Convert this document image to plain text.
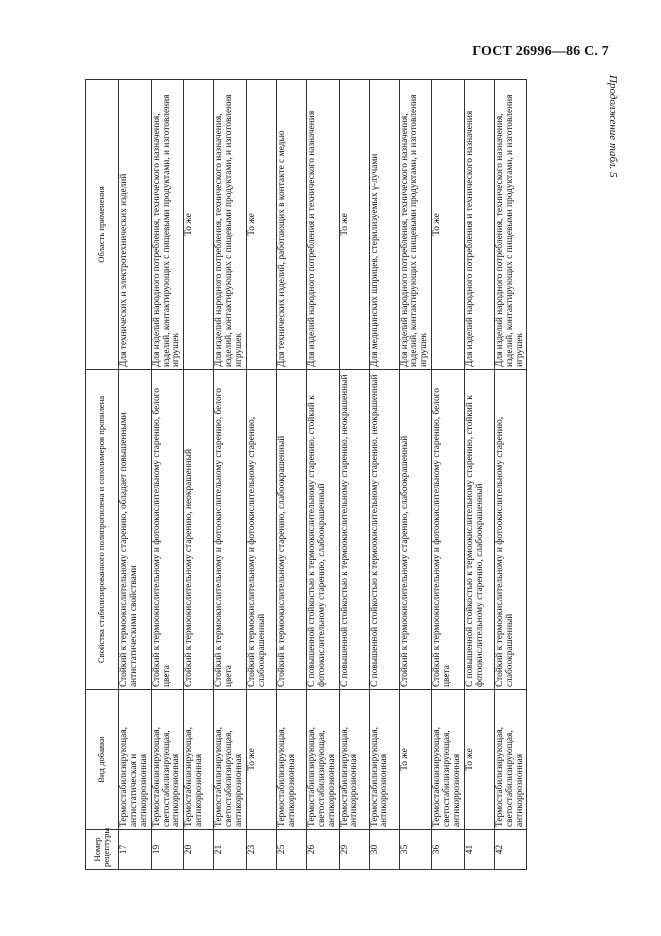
ГОСТ 26996—86 С. 7
Продолжение табл. 5
Номер рецептуры	Вид добавки	Свойства стабилизированного полипропилена и сополимеров пропилена	Область применения
17	Термостабилизирующая, антистатическая и антикоррозионная	Стойкий к термоокислительному старению, обладает повышенными антистатическими свойствами	Для технических и электротехнических изделий
19	Термостабилизирующая, светостабилизирующая, антикоррозионная	Стойкий к термоокислительному и фотоокислительному старению, белого цвета	Для изделий народного потребления, технического назначения, изделий, контактирующих с пищевыми продуктами, и изготовления игрушек
20	Термостабилизирующая, антикоррозионная	Стойкий к термоокислительному старению, неокрашенный	То же
21	Термостабилизирующая, светостабилизирующая, антикоррозионная	Стойкий к термоокислительному и фотоокислительному старению, белого цвета	Для изделий народного потребления, технического назначения, изделий, контактирующих с пищевыми продуктами, и изготовления игрушек
23	То же	Стойкий к термоокислительному и фотоокислительному старению, слабоокрашенный	То же
25	Термостабилизирующая, антикоррозионная	Стойкий к термоокислительному старению, слабоокрашенный	Для технических изделий, работающих в контакте с медью
26	Термостабилизирующая, светостабилизирующая, антикоррозионная	С повышенной стойкостью к термоокислительному старению, стойкий к фотоокислительному старению, слабоокрашенный	Для изделий народного потребления и технического назначения
29	Термостабилизирующая, антикоррозионная	С повышенной стойкостью к термоокислительному старению, неокрашенный	То же
30	Термостабилизирующая, антикоррозионная	С повышенной стойкостью к термоокислительному старению, неокрашенный	Для медицинских шприцев, стерилизуемых γ-лучами
35	То же	Стойкий к термоокислительному старению, слабоокрашенный	Для изделий народного потребления, технического назначения, изделий, контактирующих с пищевыми продуктами, и изготовления игрушек
36	Термостабилизирующая, светостабилизирующая, антикоррозионная	Стойкий к термоокислительному и фотоокислительному старению, белого цвета	То же
41	То же	С повышенной стойкостью к термоокислительному старению, стойкий к фотоокислительному старению, слабоокрашенный	Для изделий народного потребления и технического назначения
42	Термостабилизирующая, светостабилизирующая, антикоррозионная	Стойкий к термоокислительному и фотоокислительному старению, слабоокрашенный	Для изделий народного потребления, технического назначения, изделий, контактирующих с пищевыми продуктами, и изготовления игрушек
